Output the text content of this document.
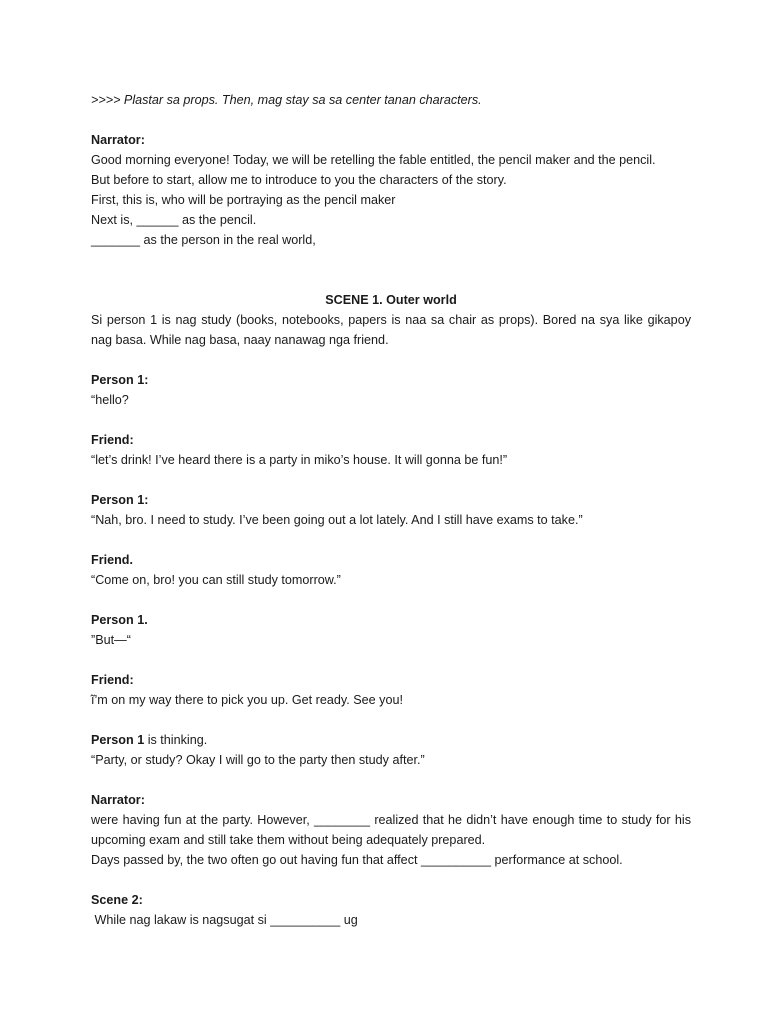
>>>> Plastar sa props. Then, mag stay sa sa center tanan characters.

Narrator:

Good morning everyone! Today, we will be retelling the fable entitled, the pencil maker and the pencil.

But before to start, allow me to introduce to you the characters of the story.

First, this is, who will be portraying as the pencil maker

Next is, ______ as the pencil.

_______ as the person in the real world,

SCENE 1. Outer world

Si person 1 is nag study (books, notebooks, papers is naa sa chair as props). Bored na sya like gikapoy nag basa. While nag basa, naay nanawag nga friend.

Person 1:

“hello?

Friend:

“let’s drink! I’ve heard there is a party in miko’s house. It will gonna be fun!”

Person 1:

“Nah, bro. I need to study. I’ve been going out a lot lately. And I still have exams to take.”

Friend.

“Come on, bro! you can still study tomorrow.”

Person 1.

”But—“

Friend:

ĩ’m on my way there to pick you up. Get ready. See you!

Person 1 is thinking.

“Party, or study? Okay I will go to the party then study after.”

Narrator:

were having fun at the party. However, ________ realized that he didn’t have enough time to study for his upcoming exam and still take them without being adequately prepared.

Days passed by, the two often go out having fun that affect __________ performance at school.

Scene 2:

While nag lakaw is nagsugat si __________ ug
